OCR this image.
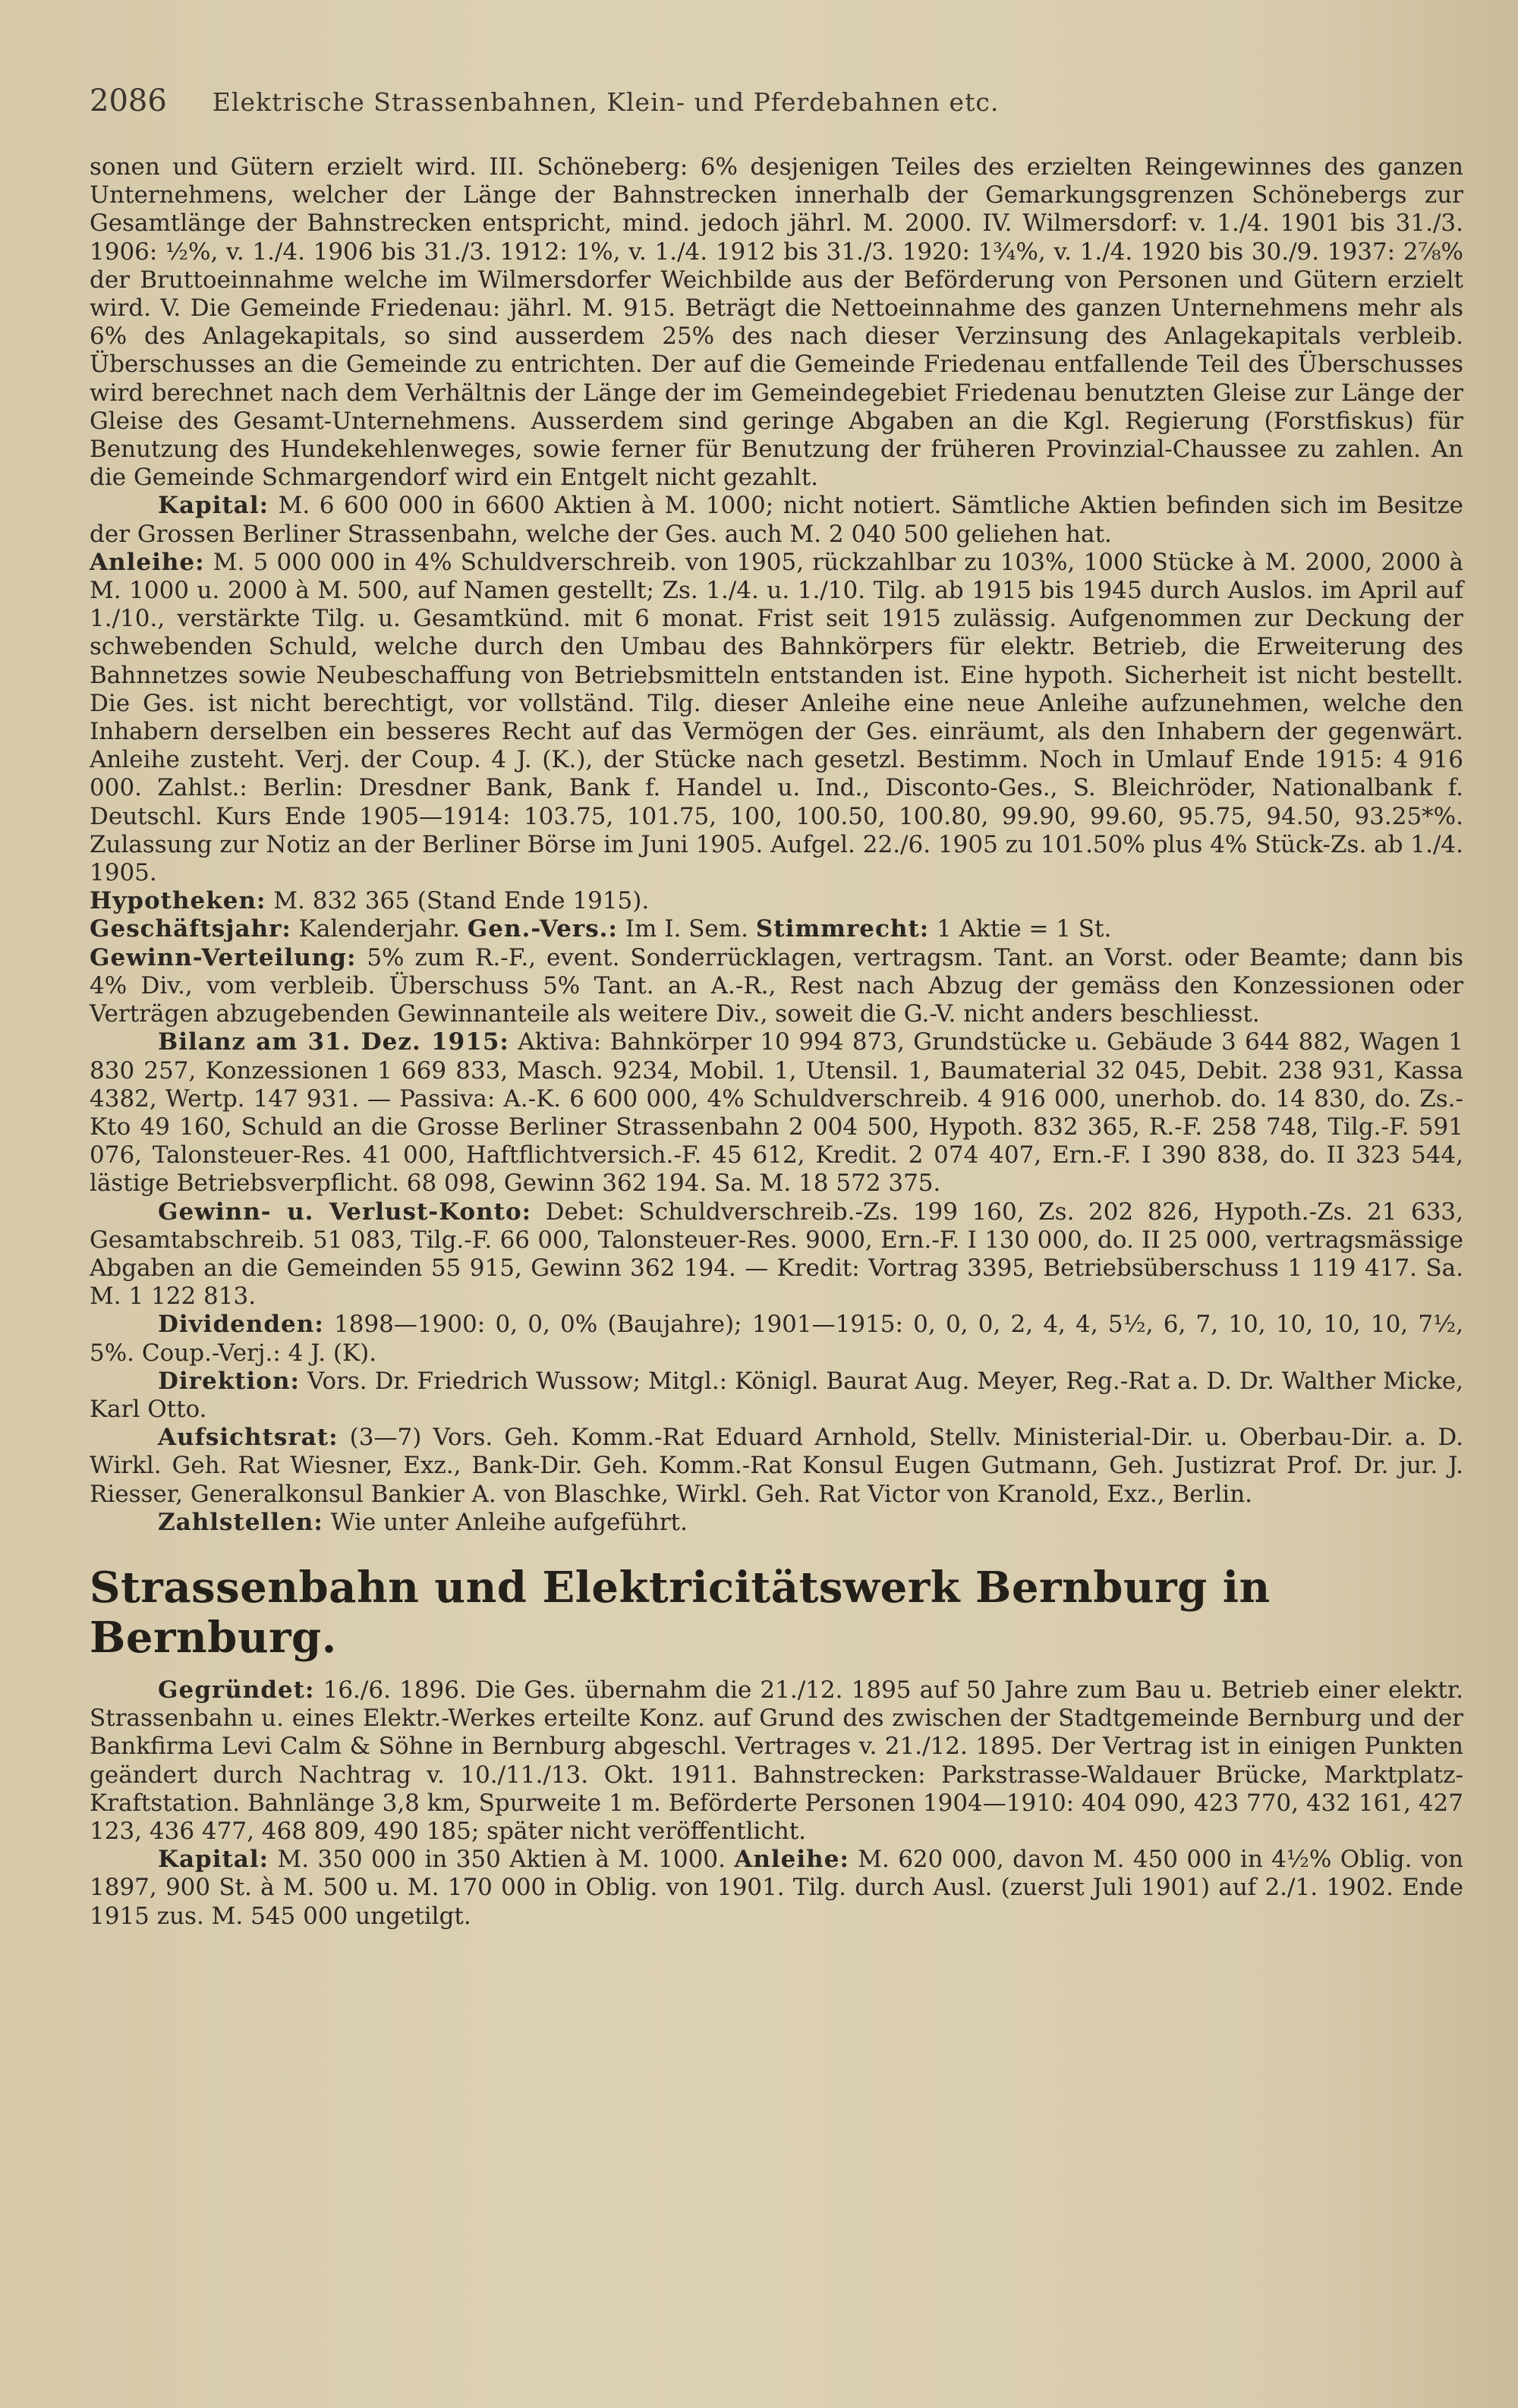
2086 Elektrische Strassenbahnen, Klein- und Pferdebahnen etc.

sonen und Gütern erzielt wird. III. Schöneberg: 6% desjenigen Teiles des erzielten Reingewinnes des ganzen Unternehmens, welcher der Länge der Bahnstrecken innerhalb der Gemarkungsgrenzen Schönebergs zur Gesamtlänge der Bahnstrecken entspricht, mind. jedoch jährl. M. 2000. IV. Wilmersdorf: v. 1./4. 1901 bis 31./3. 1906: ½%, v. 1./4. 1906 bis 31./3. 1912: 1%, v. 1./4. 1912 bis 31./3. 1920: 1¾%, v. 1./4. 1920 bis 30./9. 1937: 2⅞% der Bruttoeinnahme welche im Wilmersdorfer Weichbilde aus der Beförderung von Personen und Gütern erzielt wird. V. Die Gemeinde Friedenau: jährl. M. 915. Beträgt die Nettoeinnahme des ganzen Unternehmens mehr als 6% des Anlagekapitals, so sind ausserdem 25% des nach dieser Verzinsung des Anlagekapitals verbleib. Überschusses an die Gemeinde zu entrichten. Der auf die Gemeinde Friedenau entfallende Teil des Überschusses wird berechnet nach dem Verhältnis der Länge der im Gemeindegebiet Friedenau benutzten Gleise zur Länge der Gleise des Gesamt-Unternehmens. Ausserdem sind geringe Abgaben an die Kgl. Regierung (Forstfiskus) für Benutzung des Hundekehlenweges, sowie ferner für Benutzung der früheren Provinzial-Chaussee zu zahlen. An die Gemeinde Schmargendorf wird ein Entgelt nicht gezahlt.

Kapital: M. 6 600 000 in 6600 Aktien à M. 1000; nicht notiert. Sämtliche Aktien befinden sich im Besitze der Grossen Berliner Strassenbahn, welche der Ges. auch M. 2 040 500 geliehen hat.

Anleihe: M. 5 000 000 in 4% Schuldverschreib. von 1905, rückzahlbar zu 103%, 1000 Stücke à M. 2000, 2000 à M. 1000 u. 2000 à M. 500, auf Namen gestellt; Zs. 1./4. u. 1./10. Tilg. ab 1915 bis 1945 durch Auslos. im April auf 1./10., verstärkte Tilg. u. Gesamtkünd. mit 6 monat. Frist seit 1915 zulässig. Aufgenommen zur Deckung der schwebenden Schuld, welche durch den Umbau des Bahnkörpers für elektr. Betrieb, die Erweiterung des Bahnnetzes sowie Neubeschaffung von Betriebsmitteln entstanden ist. Eine hypoth. Sicherheit ist nicht bestellt. Die Ges. ist nicht berechtigt, vor vollständ. Tilg. dieser Anleihe eine neue Anleihe aufzunehmen, welche den Inhabern derselben ein besseres Recht auf das Vermögen der Ges. einräumt, als den Inhabern der gegenwärt. Anleihe zusteht. Verj. der Coup. 4 J. (K.), der Stücke nach gesetzl. Bestimm. Noch in Umlauf Ende 1915: 4 916 000. Zahlst.: Berlin: Dresdner Bank, Bank f. Handel u. Ind., Disconto-Ges., S. Bleichröder, Nationalbank f. Deutschl. Kurs Ende 1905—1914: 103.75, 101.75, 100, 100.50, 100.80, 99.90, 99.60, 95.75, 94.50, 93.25*%. Zulassung zur Notiz an der Berliner Börse im Juni 1905. Aufgel. 22./6. 1905 zu 101.50% plus 4% Stück-Zs. ab 1./4. 1905.

Hypotheken: M. 832 365 (Stand Ende 1915).

Geschäftsjahr: Kalenderjahr. Gen.-Vers.: Im I. Sem. Stimmrecht: 1 Aktie = 1 St.

Gewinn-Verteilung: 5% zum R.-F., event. Sonderrücklagen, vertragsm. Tant. an Vorst. oder Beamte; dann bis 4% Div., vom verbleib. Überschuss 5% Tant. an A.-R., Rest nach Abzug der gemäss den Konzessionen oder Verträgen abzugebenden Gewinnanteile als weitere Div., soweit die G.-V. nicht anders beschliesst.

Bilanz am 31. Dez. 1915: Aktiva: Bahnkörper 10 994 873, Grundstücke u. Gebäude 3 644 882, Wagen 1 830 257, Konzessionen 1 669 833, Masch. 9234, Mobil. 1, Utensil. 1, Baumaterial 32 045, Debit. 238 931, Kassa 4382, Wertp. 147 931. — Passiva: A.-K. 6 600 000, 4% Schuldverschreib. 4 916 000, unerhob. do. 14 830, do. Zs.-Kto 49 160, Schuld an die Grosse Berliner Strassenbahn 2 004 500, Hypoth. 832 365, R.-F. 258 748, Tilg.-F. 591 076, Talonsteuer-Res. 41 000, Haftflichtversich.-F. 45 612, Kredit. 2 074 407, Ern.-F. I 390 838, do. II 323 544, lästige Betriebsverpflicht. 68 098, Gewinn 362 194. Sa. M. 18 572 375.

Gewinn- u. Verlust-Konto: Debet: Schuldverschreib.-Zs. 199 160, Zs. 202 826, Hypoth.-Zs. 21 633, Gesamtabschreib. 51 083, Tilg.-F. 66 000, Talonsteuer-Res. 9000, Ern.-F. I 130 000, do. II 25 000, vertragsmässige Abgaben an die Gemeinden 55 915, Gewinn 362 194. — Kredit: Vortrag 3395, Betriebsüberschuss 1 119 417. Sa. M. 1 122 813.

Dividenden: 1898—1900: 0, 0, 0% (Baujahre); 1901—1915: 0, 0, 0, 2, 4, 4, 5½, 6, 7, 10, 10, 10, 10, 7½, 5%. Coup.-Verj.: 4 J. (K).

Direktion: Vors. Dr. Friedrich Wussow; Mitgl.: Königl. Baurat Aug. Meyer, Reg.-Rat a. D. Dr. Walther Micke, Karl Otto.

Aufsichtsrat: (3—7) Vors. Geh. Komm.-Rat Eduard Arnhold, Stellv. Ministerial-Dir. u. Oberbau-Dir. a. D. Wirkl. Geh. Rat Wiesner, Exz., Bank-Dir. Geh. Komm.-Rat Konsul Eugen Gutmann, Geh. Justizrat Prof. Dr. jur. J. Riesser, Generalkonsul Bankier A. von Blaschke, Wirkl. Geh. Rat Victor von Kranold, Exz., Berlin.

Zahlstellen: Wie unter Anleihe aufgeführt.

Strassenbahn und Elektricitätswerk Bernburg in Bernburg.

Gegründet: 16./6. 1896. Die Ges. übernahm die 21./12. 1895 auf 50 Jahre zum Bau u. Betrieb einer elektr. Strassenbahn u. eines Elektr.-Werkes erteilte Konz. auf Grund des zwischen der Stadtgemeinde Bernburg und der Bankfirma Levi Calm & Söhne in Bernburg abgeschl. Vertrages v. 21./12. 1895. Der Vertrag ist in einigen Punkten geändert durch Nachtrag v. 10./11./13. Okt. 1911. Bahnstrecken: Parkstrasse-Waldauer Brücke, Marktplatz-Kraftstation. Bahnlänge 3,8 km, Spurweite 1 m. Beförderte Personen 1904—1910: 404 090, 423 770, 432 161, 427 123, 436 477, 468 809, 490 185; später nicht veröffentlicht.

Kapital: M. 350 000 in 350 Aktien à M. 1000. Anleihe: M. 620 000, davon M. 450 000 in 4½% Oblig. von 1897, 900 St. à M. 500 u. M. 170 000 in Oblig. von 1901. Tilg. durch Ausl. (zuerst Juli 1901) auf 2./1. 1902. Ende 1915 zus. M. 545 000 ungetilgt.
